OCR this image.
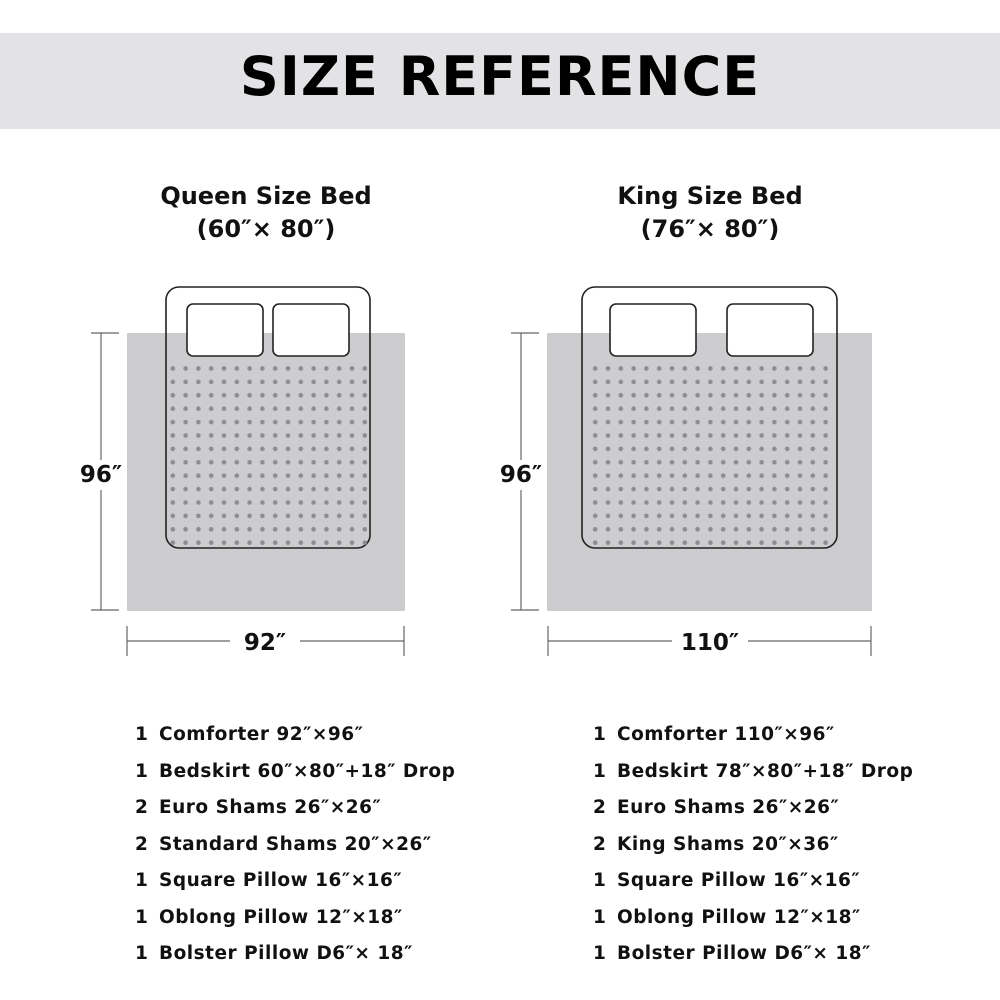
SIZE REFERENCE
Queen Size Bed
(60″× 80″)
King Size Bed
(76″× 80″)
96″
92″
96″
110″
1 Comforter 92″×96″
1 Bedskirt 60″×80″+18″ Drop
2 Euro Shams 26″×26″
2 Standard Shams 20″×26″
1 Square Pillow 16″×16″
1 Oblong Pillow 12″×18″
1 Bolster Pillow D6″× 18″
1 Comforter 110″×96″
1 Bedskirt 78″×80″+18″ Drop
2 Euro Shams 26″×26″
2 King Shams 20″×36″
1 Square Pillow 16″×16″
1 Oblong Pillow 12″×18″
1 Bolster Pillow D6″× 18″
